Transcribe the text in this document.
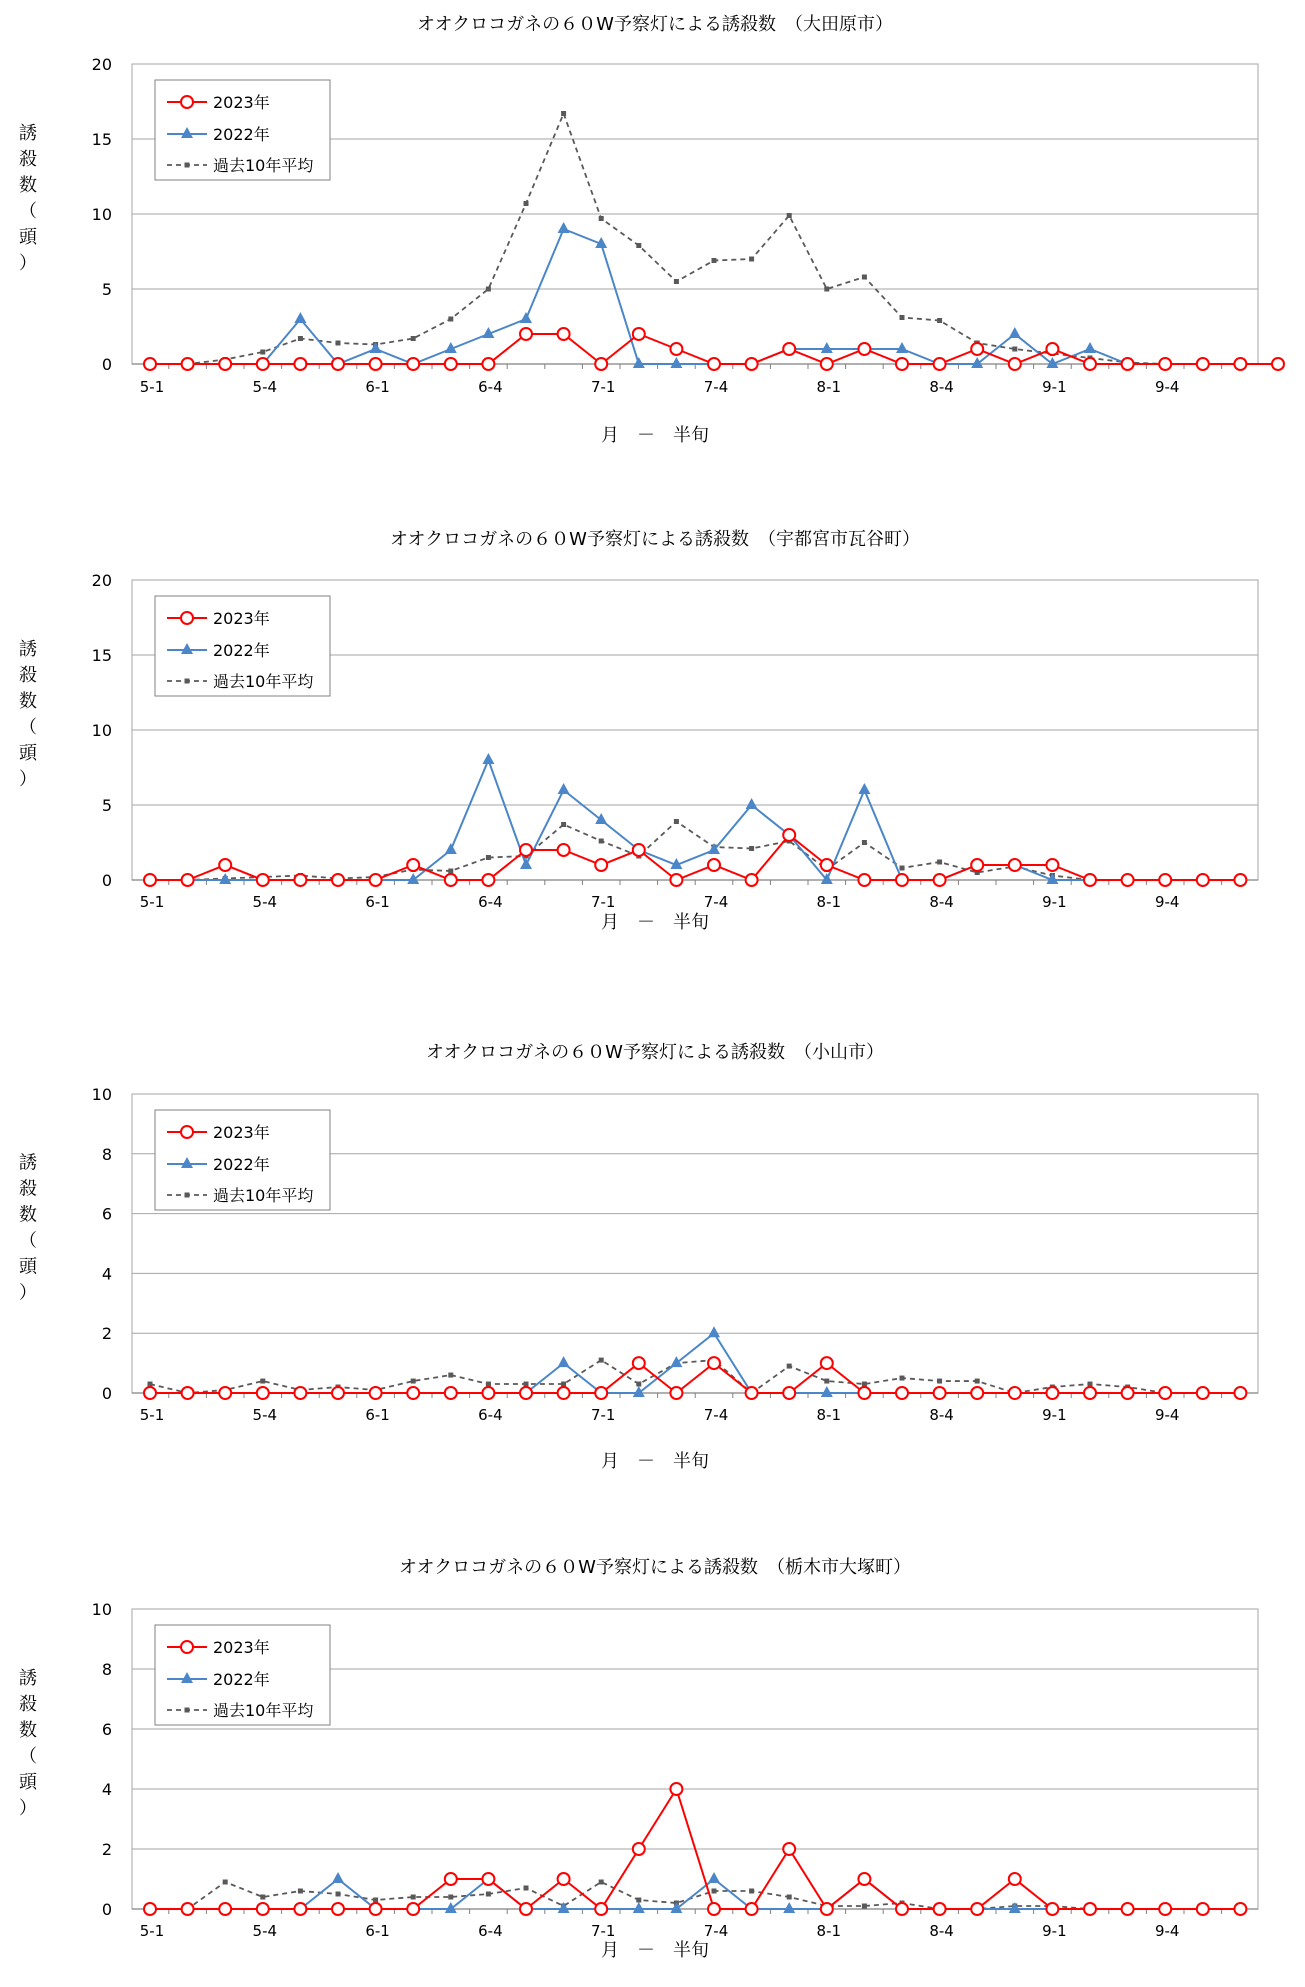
オオクロコガネの６０W予察灯による誘殺数　（大田原市）
0
5
10
15
20
5-1	5-4	6-1	6-4	7-1	7-4	8-1	8-4	9-1	9-4
月　－　半旬
誘殺数（頭）
2023年
2022年
過去10年平均
オオクロコガネの６０W予察灯による誘殺数　（宇都宮市瓦谷町）
0
5
10
15
20
5-1	5-4	6-1	6-4	7-1	7-4	8-1	8-4	9-1	9-4
月　－　半旬
誘殺数（頭）
2023年
2022年
過去10年平均
オオクロコガネの６０W予察灯による誘殺数　（小山市）
0
2
4
6
8
10
5-1	5-4	6-1	6-4	7-1	7-4	8-1	8-4	9-1	9-4
月　－　半旬
誘殺数（頭）
2023年
2022年
過去10年平均
オオクロコガネの６０W予察灯による誘殺数　（栃木市大塚町）
0
2
4
6
8
10
5-1	5-4	6-1	6-4	7-1	7-4	8-1	8-4	9-1	9-4
月　－　半旬
誘殺数（頭）
2023年
2022年
過去10年平均
